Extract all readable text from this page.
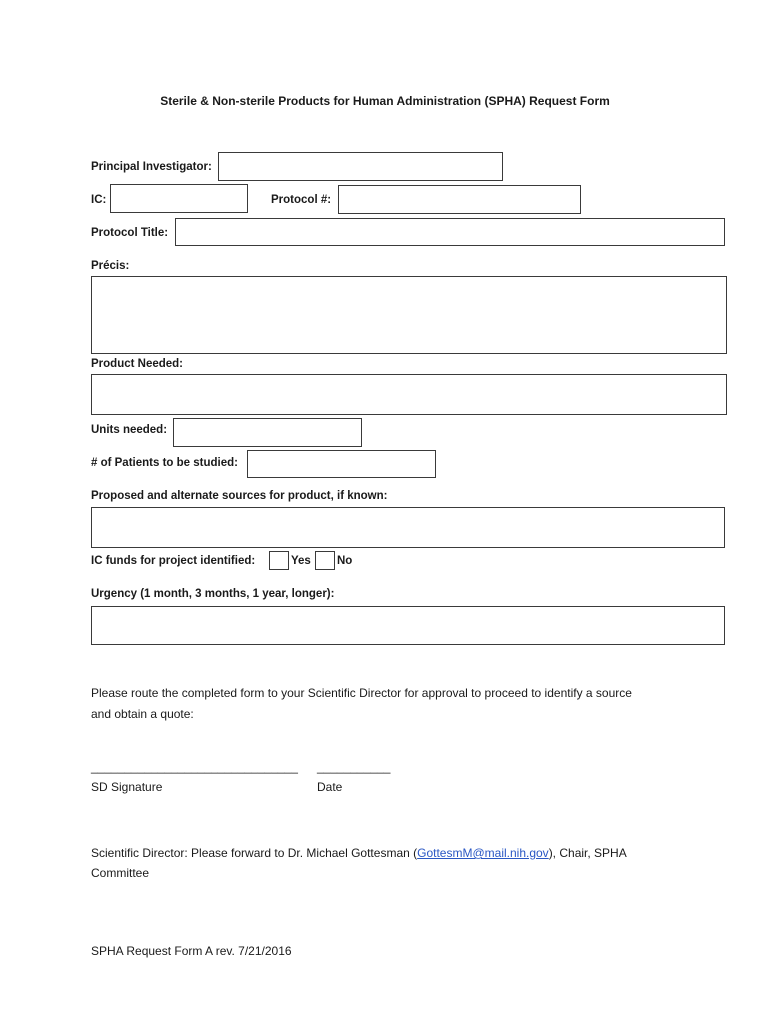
Sterile & Non-sterile Products for Human Administration (SPHA) Request Form
Principal Investigator:
IC:	Protocol #:
Protocol Title:
Précis:
Product Needed:
Units needed:
# of Patients to be studied:
Proposed and alternate sources for product, if known:
IC funds for project identified:	Yes No
Urgency (1 month, 3 months, 1 year, longer):
Please route the completed form to your Scientific Director for approval to proceed to identify a source
and obtain a quote:
_______________________________ ___________
SD Signature	Date
Scientific Director: Please forward to Dr. Michael Gottesman (GottesmM@mail.nih.gov), Chair, SPHA
Committee
SPHA Request Form A rev. 7/21/2016
